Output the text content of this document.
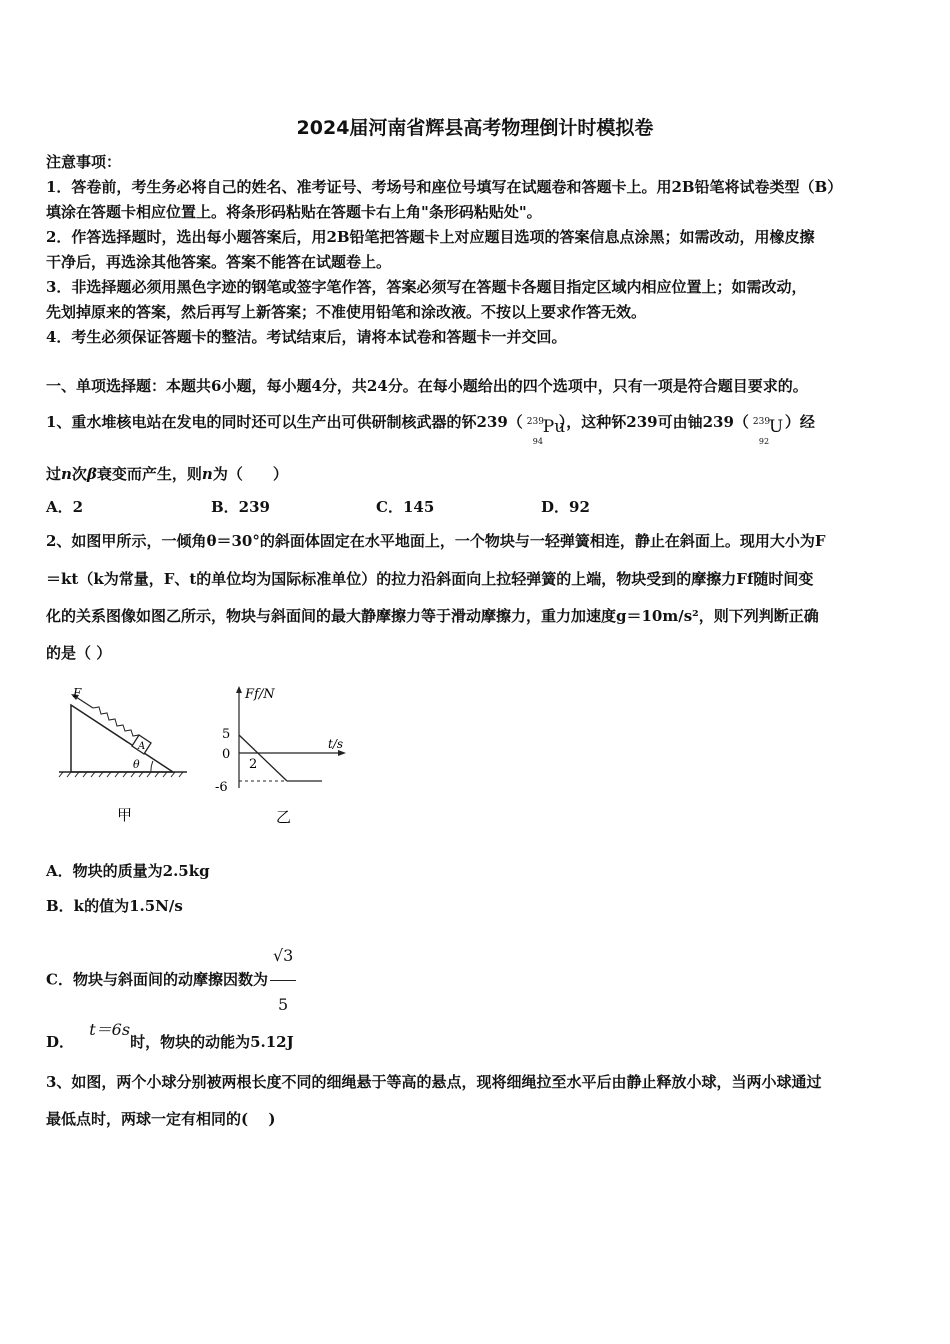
2024届河南省辉县高考物理倒计时模拟卷
注意事项：
1．答卷前，考生务必将自己的姓名、准考证号、考场号和座位号填写在试题卷和答题卡上。用2B铅笔将试卷类型（B）
填涂在答题卡相应位置上。将条形码粘贴在答题卡右上角"条形码粘贴处"。
2．作答选择题时，选出每小题答案后，用2B铅笔把答题卡上对应题目选项的答案信息点涂黑；如需改动，用橡皮擦
干净后，再选涂其他答案。答案不能答在试题卷上。
3．非选择题必须用黑色字迹的钢笔或签字笔作答，答案必须写在答题卡各题目指定区域内相应位置上；如需改动，
先划掉原来的答案，然后再写上新答案；不准使用铅笔和涂改液。不按以上要求作答无效。
4．考生必须保证答题卡的整洁。考试结束后，请将本试卷和答题卡一并交回。
一、单项选择题：本题共6小题，每小题4分，共24分。在每小题给出的四个选项中，只有一项是符合题目要求的。
1、重水堆核电站在发电的同时还可以生产出可供研制核武器的钚239（ 239
94
Pu
），这种钚239可由铀239（ 239
92
U ）经
过n次β衰变而产生，则n为（　　）
A．2	B．239	C．145	D．92
2、如图甲所示，一倾角θ＝30°的斜面体固定在水平地面上，一个物块与一轻弹簧相连，静止在斜面上。现用大小为F
＝kt（k为常量，F、t的单位均为国际标准单位）的拉力沿斜面向上拉轻弹簧的上端，物块受到的摩擦力Ff随时间变
化的关系图像如图乙所示，物块与斜面间的最大静摩擦力等于滑动摩擦力，重力加速度g＝10m/s²，则下列判断正确
的是（ ）
F
A
θ
甲
Ff/N
t/s
5
0
-6
2
乙
A．物块的质量为2.5kg
B．k的值为1.5N/s
C．物块与斜面间的动摩擦因数为 $\frac{√3}{5}$
D． t＝6s时，物块的动能为5.12J
3、如图，两个小球分别被两根长度不同的细绳悬于等高的悬点，现将细绳拉至水平后由静止释放小球，当两小球通过
最低点时，两球一定有相同的(　 )
